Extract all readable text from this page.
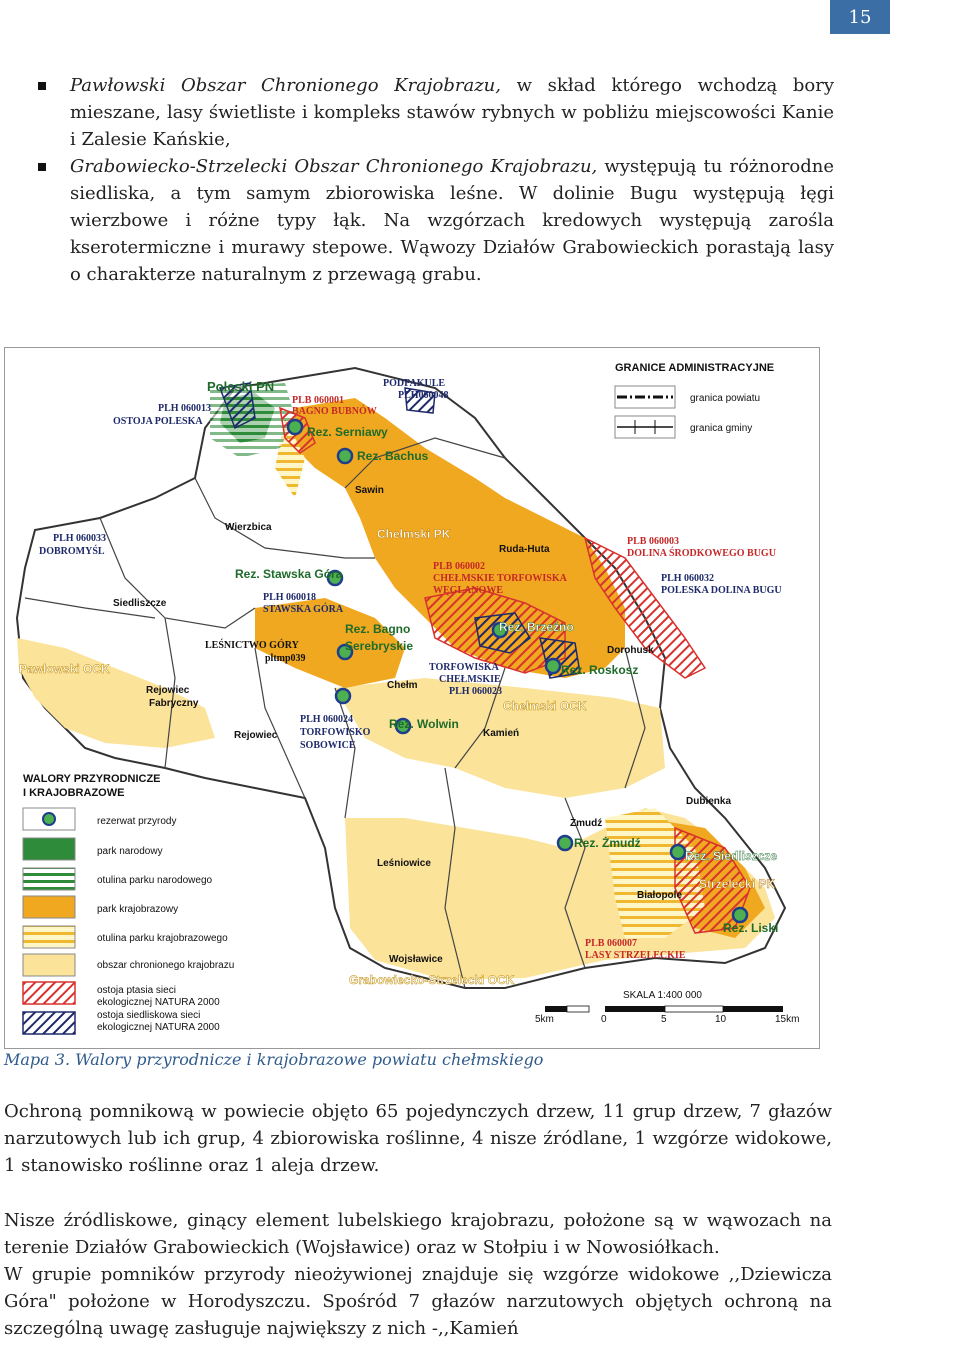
15
Pawłowski Obszar Chronionego Krajobrazu, w skład którego wchodzą bory mieszane, lasy świetliste i kompleks stawów rybnych w pobliżu miejscowości Kanie i Zalesie Kańskie,
Grabowiecko-Strzelecki Obszar Chronionego Krajobrazu, występują tu różnorodne siedliska, a tym samym zbiorowiska leśne. W dolinie Bugu występują łęgi wierzbowe i różne typy łąk. Na wzgórzach kredowych występują zarośla kserotermiczne i murawy stepowe. Wąwozy Działów Grabowieckich porastają lasy o charakterze naturalnym z przewagą grabu.
Poleski PN
PLH 060013
OSTOJA POLESKA
PLB 060001
BAGNO BUBNÓW
PODPAKULE
PLH060048
Rez. Serniawy
Rez. Bachus
Sawin
Wierzbica
PLH 060033
DOBROMYŚL
Chełmski PK
Ruda-Huta
PLB 060003
DOLINA ŚRODKOWEGO BUGU
Rez. Stawska Góra
PLB 060002
CHEŁMSKIE TORFOWISKA
WĘGLANOWE
PLH 060032
POLESKA DOLINA BUGU
Siedliszcze
PLH 060018
STAWSKA GÓRA
Rez. Bagno
Serebryskie
Rez. Brzeźno
LEŚNICTWO GÓRY
pltmp039
Dorohusk
Pawłowski OCK	TORFOWISKA
CHEŁMSKIE
PLH 060023
Rez. Roskosz
Rejowiec
Fabryczny
Chełm
Chełmski OCK
PLH 060024
TORFOWISKO
SOBOWICE
Rez. Wolwin
Kamień
Rejowiec
Dubienka
Żmudź
Rez. Żmudź
Rez. Siedliszcze
Leśniowice
Białopole
Strzelecki PK
Rez. Liski
Wojsławice
PLB 060007
LASY STRZELECKIE
Grabowiecko-Strzelecki OCK
GRANICE ADMINISTRACYJNE
granica powiatu
granica gminy
WALORY PRZYRODNICZE
I KRAJOBRAZOWE
rezerwat przyrody
park narodowy
otulina parku narodowego
park krajobrazowy
otulina parku krajobrazowego
obszar chronionego krajobrazu
ostoja ptasia sieci
ekologicznej NATURA 2000
ostoja siedliskowa sieci
ekologicznej NATURA 2000
SKALA 1:400 000
5km	0	5	10	15km
Mapa 3. Walory przyrodnicze i krajobrazowe powiatu chełmskiego

Ochroną pomnikową w powiecie objęto 65 pojedynczych drzew, 11 grup drzew, 7 głazów narzutowych lub ich grup, 4 zbiorowiska roślinne, 4 nisze źródlane, 1 wzgórze widokowe, 1 stanowisko roślinne oraz 1 aleja drzew.

Nisze źródliskowe, ginący element lubelskiego krajobrazu, położone są w wąwozach na terenie Działów Grabowieckich (Wojsławice) oraz w Stołpiu i w Nowosiółkach.

W grupie pomników przyrody nieożywionej znajduje się wzgórze widokowe ,,Dziewicza Góra" położone w Horodyszczu. Spośród 7 głazów narzutowych objętych ochroną na szczególną uwagę zasługuje największy z nich -,,Kamień
